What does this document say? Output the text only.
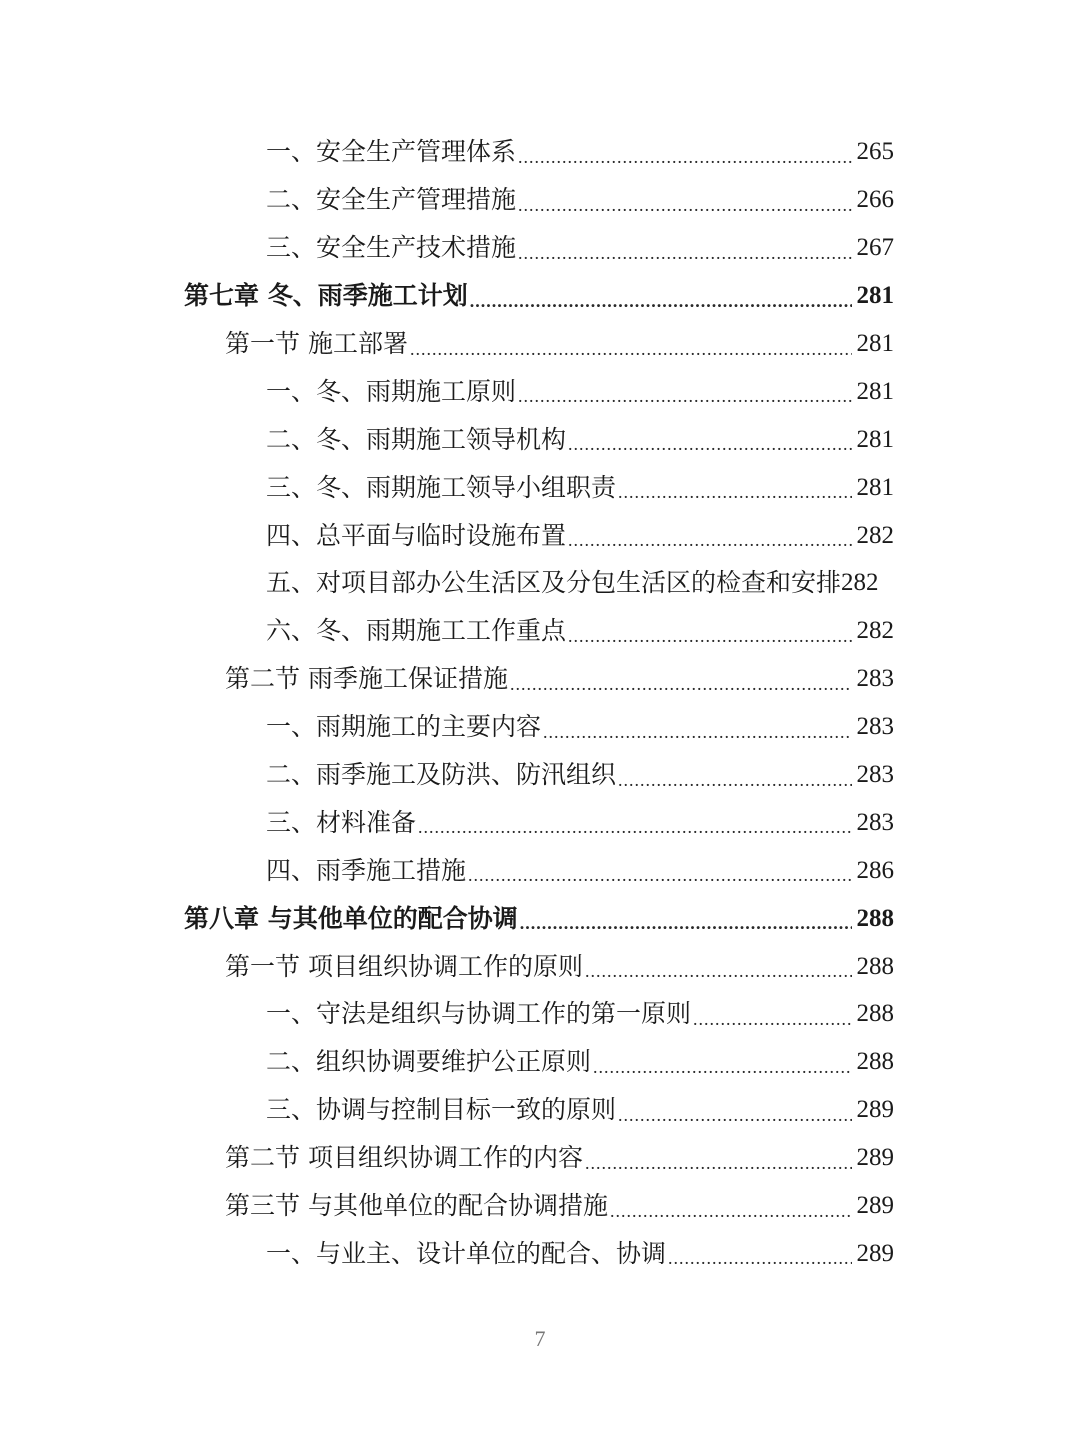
一、安全生产管理体系 .....	265
二、安全生产管理措施 .....	266
三、安全生产技术措施 .....	267
第七章 冬、雨季施工计划 .....	281
第一节 施工部署 .....	281
一、冬、雨期施工原则 .....	281
二、冬、雨期施工领导机构 .....	281
三、冬、雨期施工领导小组职责 .....	281
四、总平面与临时设施布置 .....	282
五、对项目部办公生活区及分包生活区的检查和安排 282
六、冬、雨期施工工作重点 .....	282
第二节 雨季施工保证措施 .....	283
一、雨期施工的主要内容 .....	283
二、雨季施工及防洪、防汛组织 .....	283
三、材料准备 .....	283
四、雨季施工措施 .....	286
第八章 与其他单位的配合协调 .....	288
第一节 项目组织协调工作的原则 .....	288
一、守法是组织与协调工作的第一原则 .....	288
二、组织协调要维护公正原则 .....	288
三、协调与控制目标一致的原则 .....	289
第二节 项目组织协调工作的内容 .....	289
第三节 与其他单位的配合协调措施 .....	289
一、与业主、设计单位的配合、协调 .....	289
7
